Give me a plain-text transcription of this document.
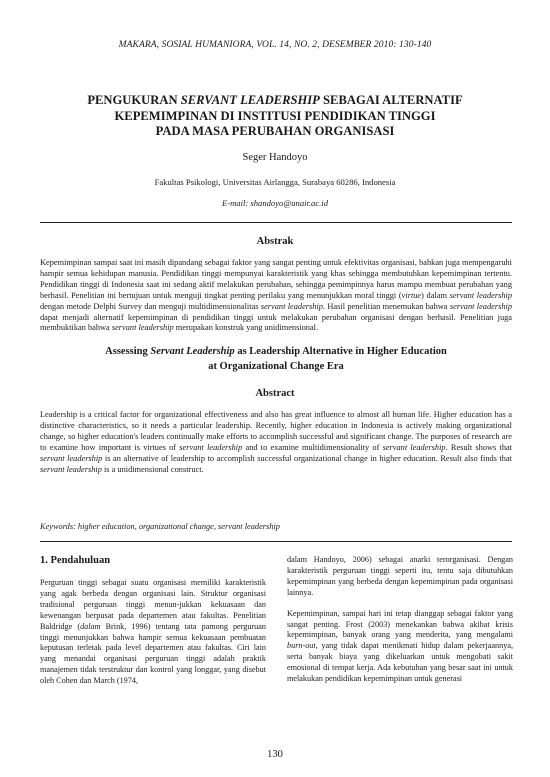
MAKARA, SOSIAL HUMANIORA, VOL. 14, NO. 2, DESEMBER 2010: 130-140
PENGUKURAN SERVANT LEADERSHIP SEBAGAI ALTERNATIF
KEPEMIMPINAN DI INSTITUSI PENDIDIKAN TINGGI
PADA MASA PERUBAHAN ORGANISASI
Seger Handoyo
Fakultas Psikologi, Universitas Airlangga, Surabaya 60286, Indonesia
E-mail: shandoyo@unair.ac.id
Abstrak
Kepemimpinan sampai saat ini masih dipandang sebagai faktor yang sangat penting untuk efektivitas organisasi, bahkan juga mempengaruhi hampir semua kehidupan manusia. Pendidikan tinggi mempunyai karakteristik yang khas sehingga membutuhkan kepemimpinan tertentu. Pendidikan tinggi di Indonesia saat ini sedang aktif melakukan perubahan, sehingga pemimpinnya harus mampu membuat perubahan yang berhasil. Penelitian ini bertujuan untuk menguji tingkat penting perilaku yang menunjukkan moral tinggi (virtue) dalam servant leadership dengan metode Delphi Survey dan menguji multidimensionalitas servant leadership. Hasil penelitian menemukan bahwa servant leadership dapat menjadi alternatif kepemimpinan di pendidikan tinggi untuk melakukan perubahan organisasi dengan berhasil. Penelitian juga membuktikan bahwa servant leadership merupakan konstruk yang unidimensional.
Assessing Servant Leadership as Leadership Alternative in Higher Education
at Organizational Change Era
Abstract
Leadership is a critical factor for organizational effectiveness and also has great influence to almost all human life. Higher education has a distinctive characteristics, so it needs a particular leadership. Recently, higher education in Indonesia is actively making organizational change, so higher education's leaders continually make efforts to accomplish successful and significant change. The purposes of research are to examine how important is virtues of servant leadership and to examine multidimensionality of servant leadership. Result shows that servant leadership is an alternative of leadership to accomplish successful organizational change in higher education. Result also finds that servant leadership is a unidimensional construct.
Keywords: higher education, organizational change, servant leadership
1. Pendahuluan

Perguruan tinggi sebagai suatu organisasi memiliki karakteristik yang agak berbeda dengan organisasi lain. Struktur organisasi tradisional perguruan tinggi menun-jukkan kekuasaan dan kewenangan berpusat pada departemen atau fakultas. Penelitian Baldridge (dalam Brink, 1996) tentang tata pamong perguruan tinggi menunjukkan bahwa hampir semua kekuasaan pembuatan keputusan terletak pada level departemen atau fakultas. Ciri lain yang menandai organisasi perguruan tinggi adalah praktik manajemen tidak terstruktur dan kontrol yang longgar, yang disebut oleh Cohen dan March (1974,

dalam Handoyo, 2006) sebagai anarki terorganisasi. Dengan karakteristik perguruan tinggi seperti itu, tentu saja dibutuhkan kepemimpinan yang berbeda dengan kepemimpinan pada organisasi lainnya.

Kepemimpinan, sampai hari ini tetap dianggap sebagai faktor yang sangat penting. Frost (2003) menekankan bahwa akibat krisis kepemimpinan, banyak orang yang menderita, yang mengalami burn-out, yang tidak dapat menikmati hidup dalam pekerjaannya, serta banyak biaya yang dikeluarkan untuk mengobati sakit emosional di tempat kerja. Ada kebutuhan yang besar saat ini untuk melakukan pendidikan kepemimpinan untuk generasi

130
